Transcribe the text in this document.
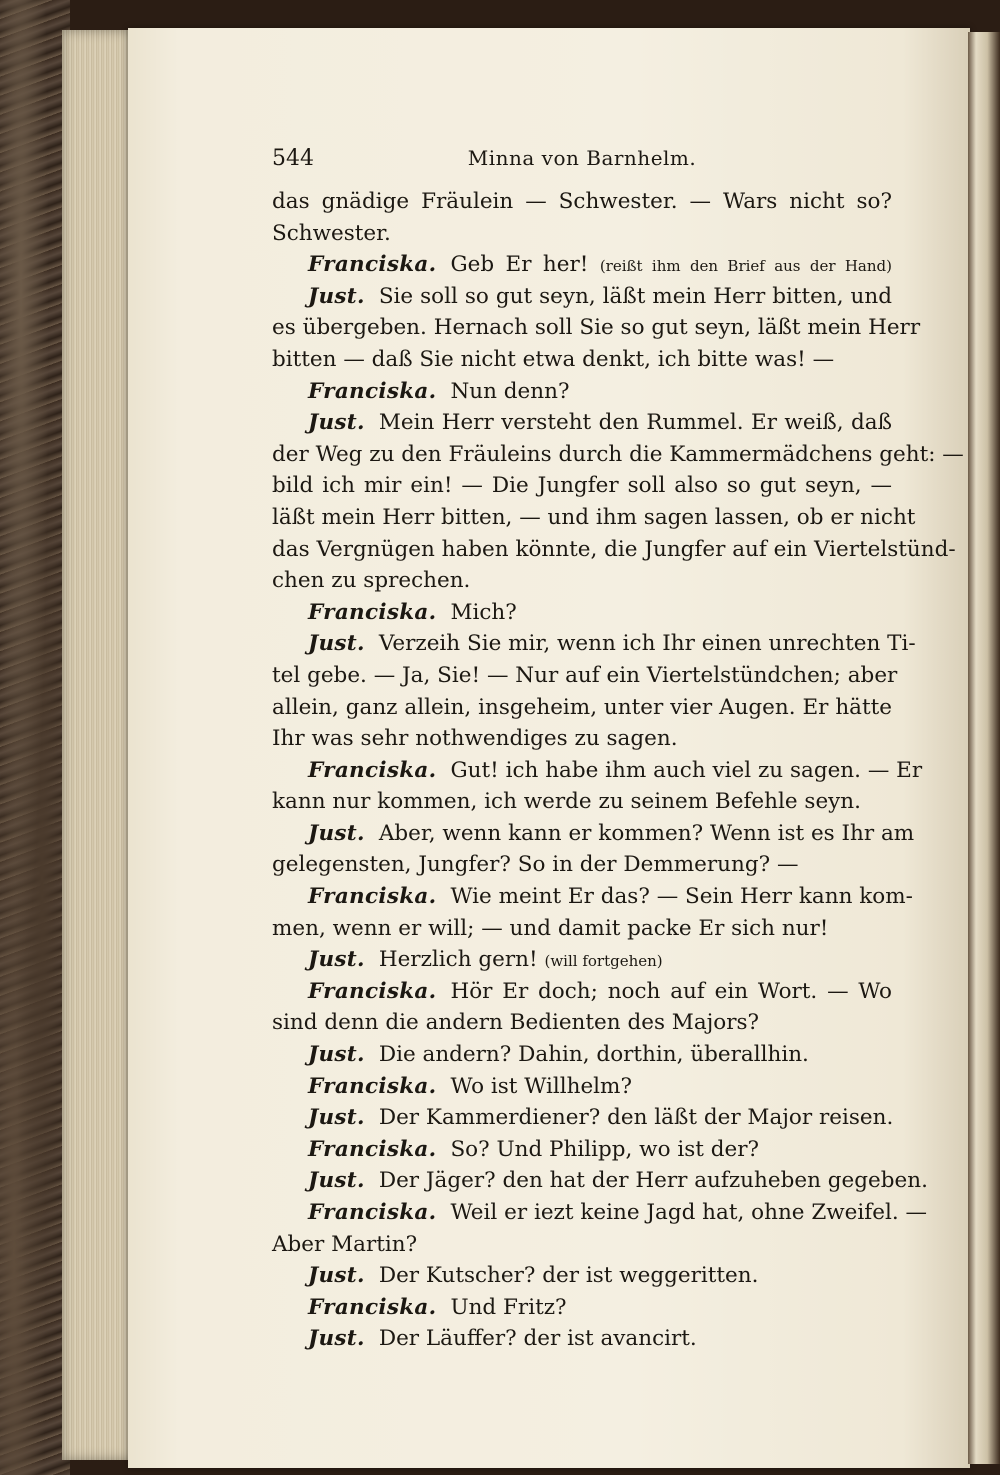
544	Minna von Barnhelm.
das gnädige Fräulein — Schwester. — Wars nicht so?
Schwester.
Franciska. Geb Er her! (reißt ihm den Brief aus der Hand)
Just. Sie soll so gut seyn, läßt mein Herr bitten, und
es übergeben. Hernach soll Sie so gut seyn, läßt mein Herr
bitten — daß Sie nicht etwa denkt, ich bitte was! —
Franciska. Nun denn?
Just. Mein Herr versteht den Rummel. Er weiß, daß
der Weg zu den Fräuleins durch die Kammermädchens geht: —
bild ich mir ein! — Die Jungfer soll also so gut seyn, —
läßt mein Herr bitten, — und ihm sagen lassen, ob er nicht
das Vergnügen haben könnte, die Jungfer auf ein Viertelstünd-
chen zu sprechen.
Franciska. Mich?
Just. Verzeih Sie mir, wenn ich Ihr einen unrechten Ti-
tel gebe. — Ja, Sie! — Nur auf ein Viertelstündchen; aber
allein, ganz allein, insgeheim, unter vier Augen. Er hätte
Ihr was sehr nothwendiges zu sagen.
Franciska. Gut! ich habe ihm auch viel zu sagen. — Er
kann nur kommen, ich werde zu seinem Befehle seyn.
Just. Aber, wenn kann er kommen? Wenn ist es Ihr am
gelegensten, Jungfer? So in der Demmerung? —
Franciska. Wie meint Er das? — Sein Herr kann kom-
men, wenn er will; — und damit packe Er sich nur!
Just. Herzlich gern! (will fortgehen)
Franciska. Hör Er doch; noch auf ein Wort. — Wo
sind denn die andern Bedienten des Majors?
Just. Die andern? Dahin, dorthin, überallhin.
Franciska. Wo ist Willhelm?
Just. Der Kammerdiener? den läßt der Major reisen.
Franciska. So? Und Philipp, wo ist der?
Just. Der Jäger? den hat der Herr aufzuheben gegeben.
Franciska. Weil er iezt keine Jagd hat, ohne Zweifel. —
Aber Martin?
Just. Der Kutscher? der ist weggeritten.
Franciska. Und Fritz?
Just. Der Läuffer? der ist avancirt.
